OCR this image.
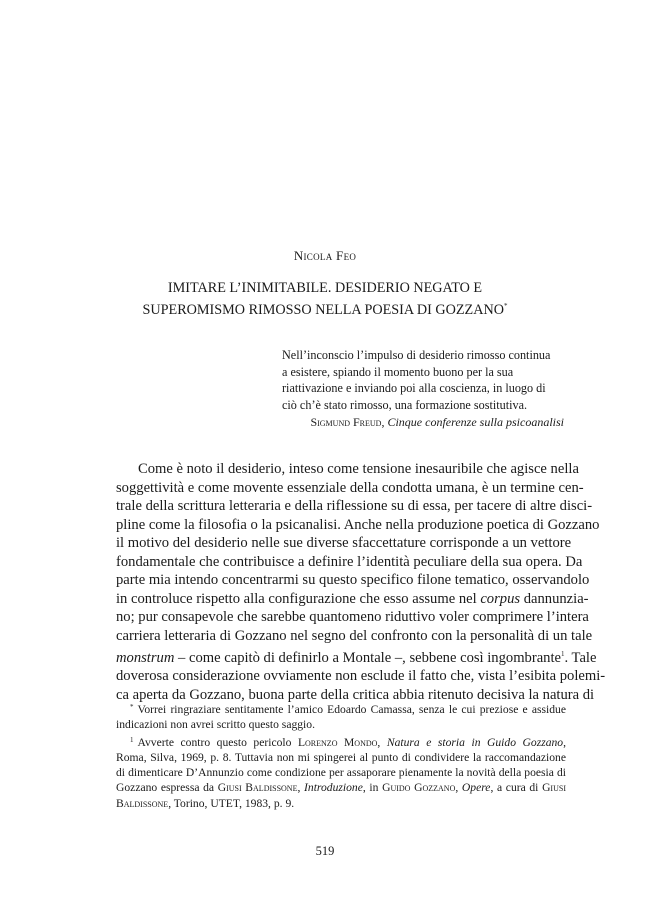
Nicola Feo
IMITARE L’INIMITABILE. DESIDERIO NEGATO E
SUPEROMISMO RIMOSSO NELLA POESIA DI GOZZANO*
Nell’inconscio l’impulso di desiderio rimosso continua
a esistere, spiando il momento buono per la sua
riattivazione e inviando poi alla coscienza, in luogo di
ciò ch’è stato rimosso, una formazione sostitutiva.
Sigmund Freud, Cinque conferenze sulla psicoanalisi
Come è noto il desiderio, inteso come tensione inesauribile che agisce nella
soggettività e come movente essenziale della condotta umana, è un termine cen-
trale della scrittura letteraria e della riflessione su di essa, per tacere di altre disci-
pline come la filosofia o la psicanalisi. Anche nella produzione poetica di Gozzano
il motivo del desiderio nelle sue diverse sfaccettature corrisponde a un vettore
fondamentale che contribuisce a definire l’identità peculiare della sua opera. Da
parte mia intendo concentrarmi su questo specifico filone tematico, osservandolo
in controluce rispetto alla configurazione che esso assume nel corpus dannunzia-
no; pur consapevole che sarebbe quantomeno riduttivo voler comprimere l’intera
carriera letteraria di Gozzano nel segno del confronto con la personalità di un tale
monstrum – come capitò di definirlo a Montale –, sebbene così ingombrante$^1$. Tale
doverosa considerazione ovviamente non esclude il fatto che, vista l’esibita polemi-
ca aperta da Gozzano, buona parte della critica abbia ritenuto decisiva la natura di
* Vorrei ringraziare sentitamente l’amico Edoardo Camassa, senza le cui preziose e assidue
indicazioni non avrei scritto questo saggio.
$^1$ Avverte contro questo pericolo Lorenzo Mondo, Natura e storia in Guido Gozzano,
Roma, Silva, 1969, p. 8. Tuttavia non mi spingerei al punto di condividere la raccomandazione
di dimenticare D’Annunzio come condizione per assaporare pienamente la novità della poesia di
Gozzano espressa da Giusi Baldissone, Introduzione, in Guido Gozzano, Opere, a cura di Giusi
Baldissone, Torino, UTET, 1983, p. 9.
519
